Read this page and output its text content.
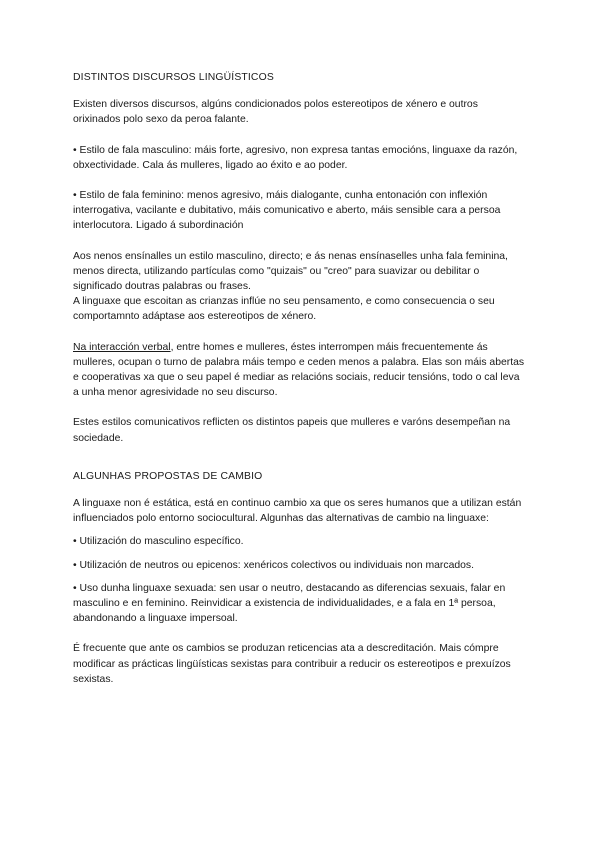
DISTINTOS DISCURSOS LINGÜÍSTICOS

Existen diversos discursos, algúns condicionados polos estereotipos de xénero e outros orixinados polo sexo da peroa falante.

• Estilo de fala masculino: máis forte, agresivo, non expresa tantas emocións, linguaxe da razón, obxectividade. Cala ás mulleres, ligado ao éxito e ao poder.

• Estilo de fala feminino: menos agresivo, máis dialogante, cunha entonación con inflexión interrogativa, vacilante e dubitativo, máis comunicativo e aberto, máis sensible cara a persoa interlocutora. Ligado á subordinación

Aos nenos ensínalles un estilo masculino, directo; e ás nenas ensínaselles unha fala feminina, menos directa, utilizando partículas como "quizais" ou "creo" para suavizar ou debilitar o significado doutras palabras ou frases.

A linguaxe que escoitan as crianzas inflúe no seu pensamento, e como consecuencia o seu comportamnto adáptase aos estereotipos de xénero.

Na interacción verbal, entre homes e mulleres, éstes interrompen máis frecuentemente ás mulleres, ocupan o turno de palabra máis tempo e ceden menos a palabra. Elas son máis abertas e cooperativas xa que o seu papel é mediar as relacións sociais, reducir tensións, todo o cal leva a unha menor agresividade no seu discurso.

Estes estilos comunicativos reflicten os distintos papeis que mulleres e varóns desempeñan na sociedade.

ALGUNHAS PROPOSTAS DE CAMBIO

A linguaxe non é estática, está en continuo cambio xa que os seres humanos que a utilizan están influenciados polo entorno sociocultural. Algunhas das alternativas de cambio na linguaxe:

• Utilización do masculino específico.

• Utilización de neutros ou epicenos: xenéricos colectivos ou individuais non marcados.

• Uso dunha linguaxe sexuada: sen usar o neutro, destacando as diferencias sexuais, falar en masculino e en feminino. Reinvidicar a existencia de individualidades, e a fala en 1ª persoa, abandonando a linguaxe impersoal.

É frecuente que ante os cambios se produzan reticencias ata a descreditación. Mais cómpre modificar as prácticas lingüísticas sexistas para contribuir a reducir os estereotipos e prexuízos sexistas.
